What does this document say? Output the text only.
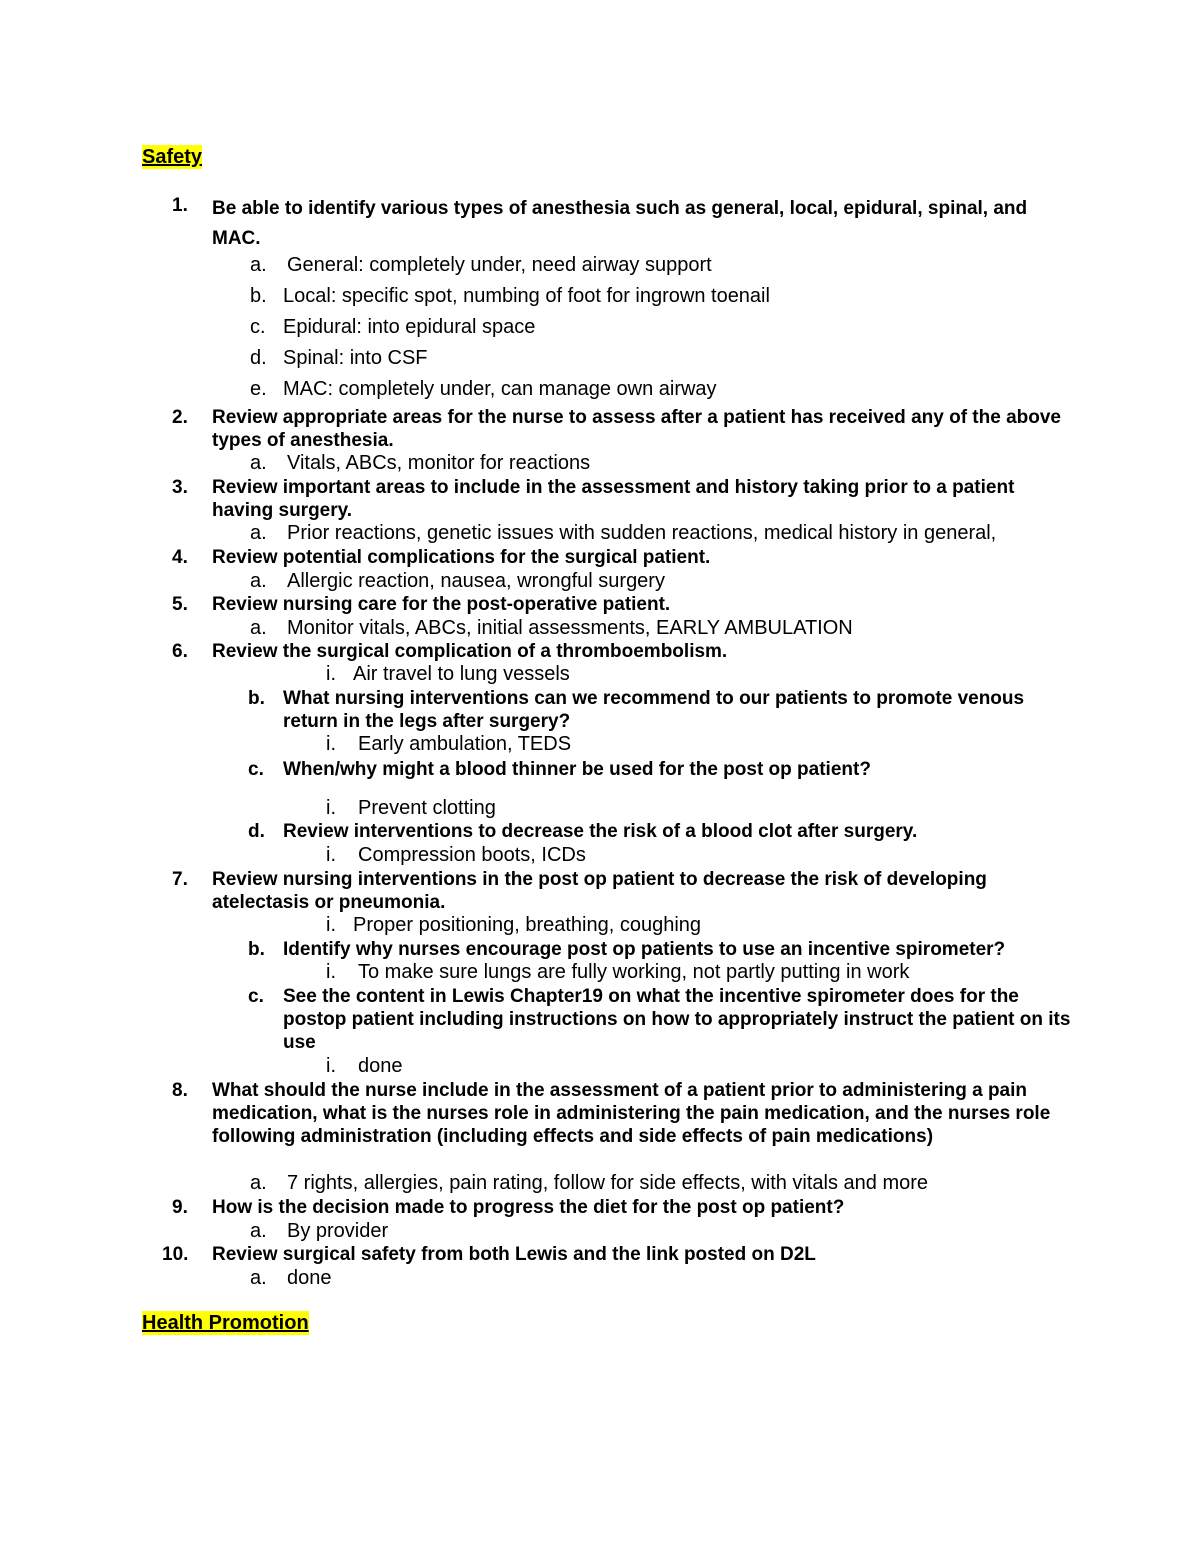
Safety
1. Be able to identify various types of anesthesia such as general, local, epidural, spinal, and MAC.
a. General: completely under, need airway support
b. Local: specific spot, numbing of foot for ingrown toenail
c. Epidural: into epidural space
d. Spinal: into CSF
e. MAC: completely under, can manage own airway
2. Review appropriate areas for the nurse to assess after a patient has received any of the above types of anesthesia.
a. Vitals, ABCs, monitor for reactions
3. Review important areas to include in the assessment and history taking prior to a patient having surgery.
a. Prior reactions, genetic issues with sudden reactions, medical history in general,
4. Review potential complications for the surgical patient.
a. Allergic reaction, nausea, wrongful surgery
5. Review nursing care for the post-operative patient.
a. Monitor vitals, ABCs, initial assessments, EARLY AMBULATION
6. Review the surgical complication of a thromboembolism.
i. Air travel to lung vessels
b. What nursing interventions can we recommend to our patients to promote venous return in the legs after surgery?
i. Early ambulation, TEDS
c. When/why might a blood thinner be used for the post op patient?
i. Prevent clotting
d. Review interventions to decrease the risk of a blood clot after surgery.
i. Compression boots, ICDs
7. Review nursing interventions in the post op patient to decrease the risk of developing atelectasis or pneumonia.
i. Proper positioning, breathing, coughing
b. Identify why nurses encourage post op patients to use an incentive spirometer?
i. To make sure lungs are fully working, not partly putting in work
c. See the content in Lewis Chapter19 on what the incentive spirometer does for the postop patient including instructions on how to appropriately instruct the patient on its use
i. done
8. What should the nurse include in the assessment of a patient prior to administering a pain medication, what is the nurses role in administering the pain medication, and the nurses role following administration (including effects and side effects of pain medications)
a. 7 rights, allergies, pain rating, follow for side effects, with vitals and more
9. How is the decision made to progress the diet for the post op patient?
a. By provider
10. Review surgical safety from both Lewis and the link posted on D2L
a. done
Health Promotion
